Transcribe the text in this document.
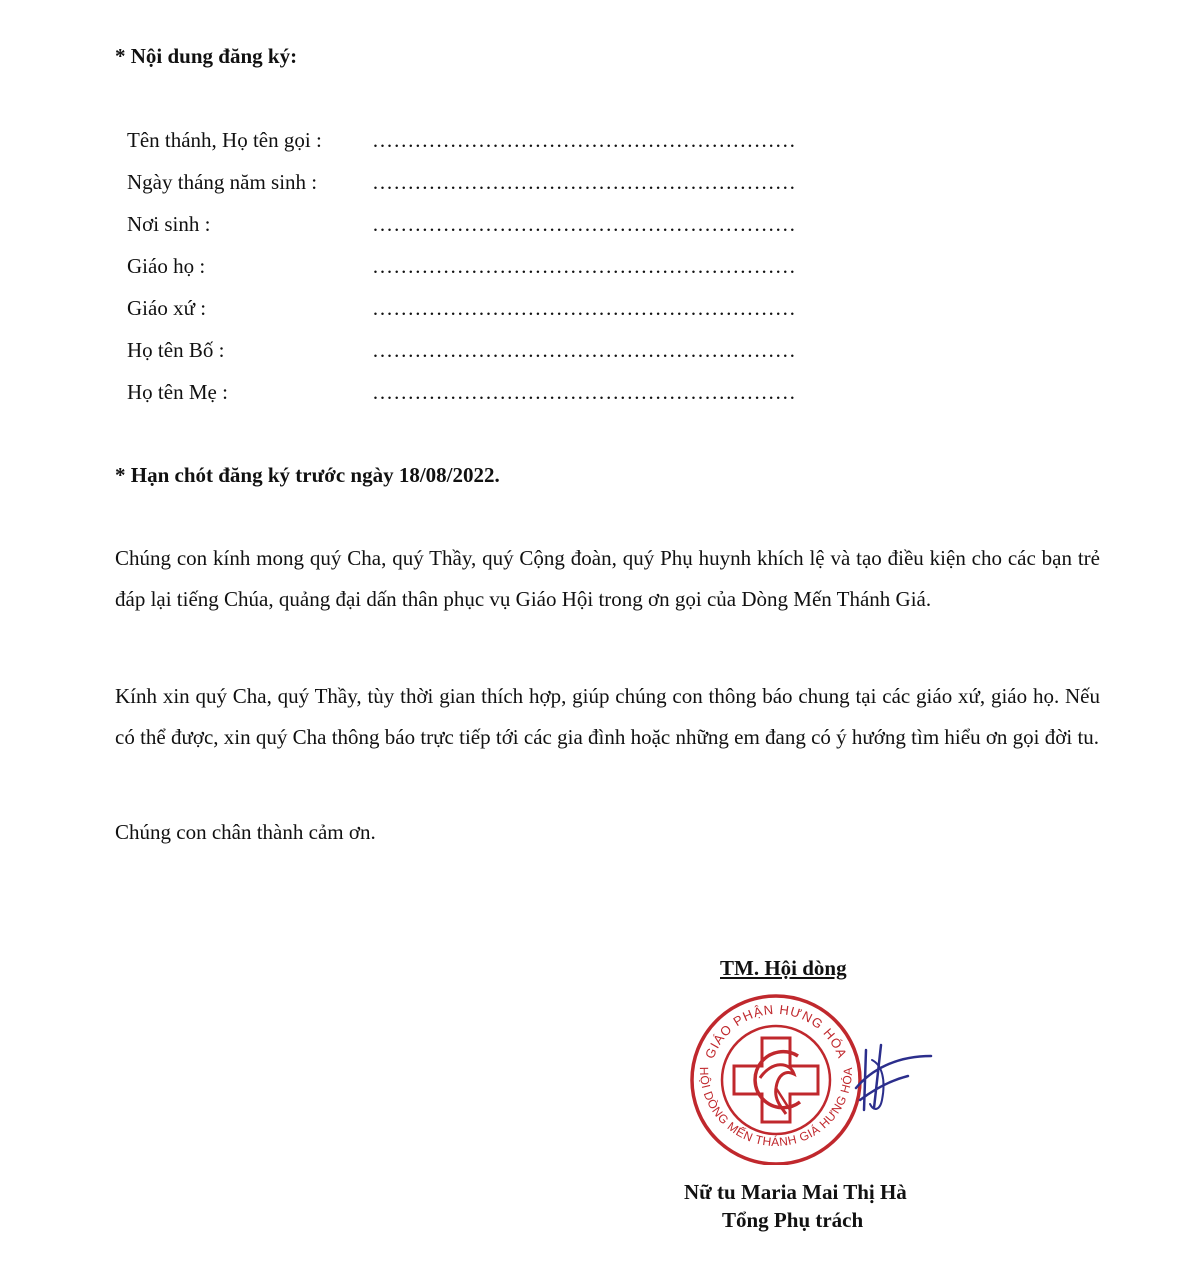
* Nội dung đăng ký:
Tên thánh, Họ tên gọi : ……………………………………………………
Ngày tháng năm sinh :	……………………………………………………
Nơi sinh :	……………………………………………………
Giáo họ :	……………………………………………………
Giáo xứ :	……………………………………………………
Họ tên Bố :	……………………………………………………
Họ tên Mẹ :	……………………………………………………
* Hạn chót đăng ký trước ngày 18/08/2022.
Chúng con kính mong quý Cha, quý Thầy, quý Cộng đoàn, quý Phụ huynh khích lệ và tạo điều kiện cho các bạn trẻ đáp lại tiếng Chúa, quảng đại dấn thân phục vụ Giáo Hội trong ơn gọi của Dòng Mến Thánh Giá.
Kính xin quý Cha, quý Thầy, tùy thời gian thích hợp, giúp chúng con thông báo chung tại các giáo xứ, giáo họ. Nếu có thể được, xin quý Cha thông báo trực tiếp tới các gia đình hoặc những em đang có ý hướng tìm hiểu ơn gọi đời tu.
Chúng con chân thành cảm ơn.
TM. Hội dòng
GIÁO PHẬN HƯNG HÓA
HỘI DÒNG MẾN THÁNH GIÁ HƯNG HÓA
Nữ tu Maria Mai Thị Hà
Tổng Phụ trách
